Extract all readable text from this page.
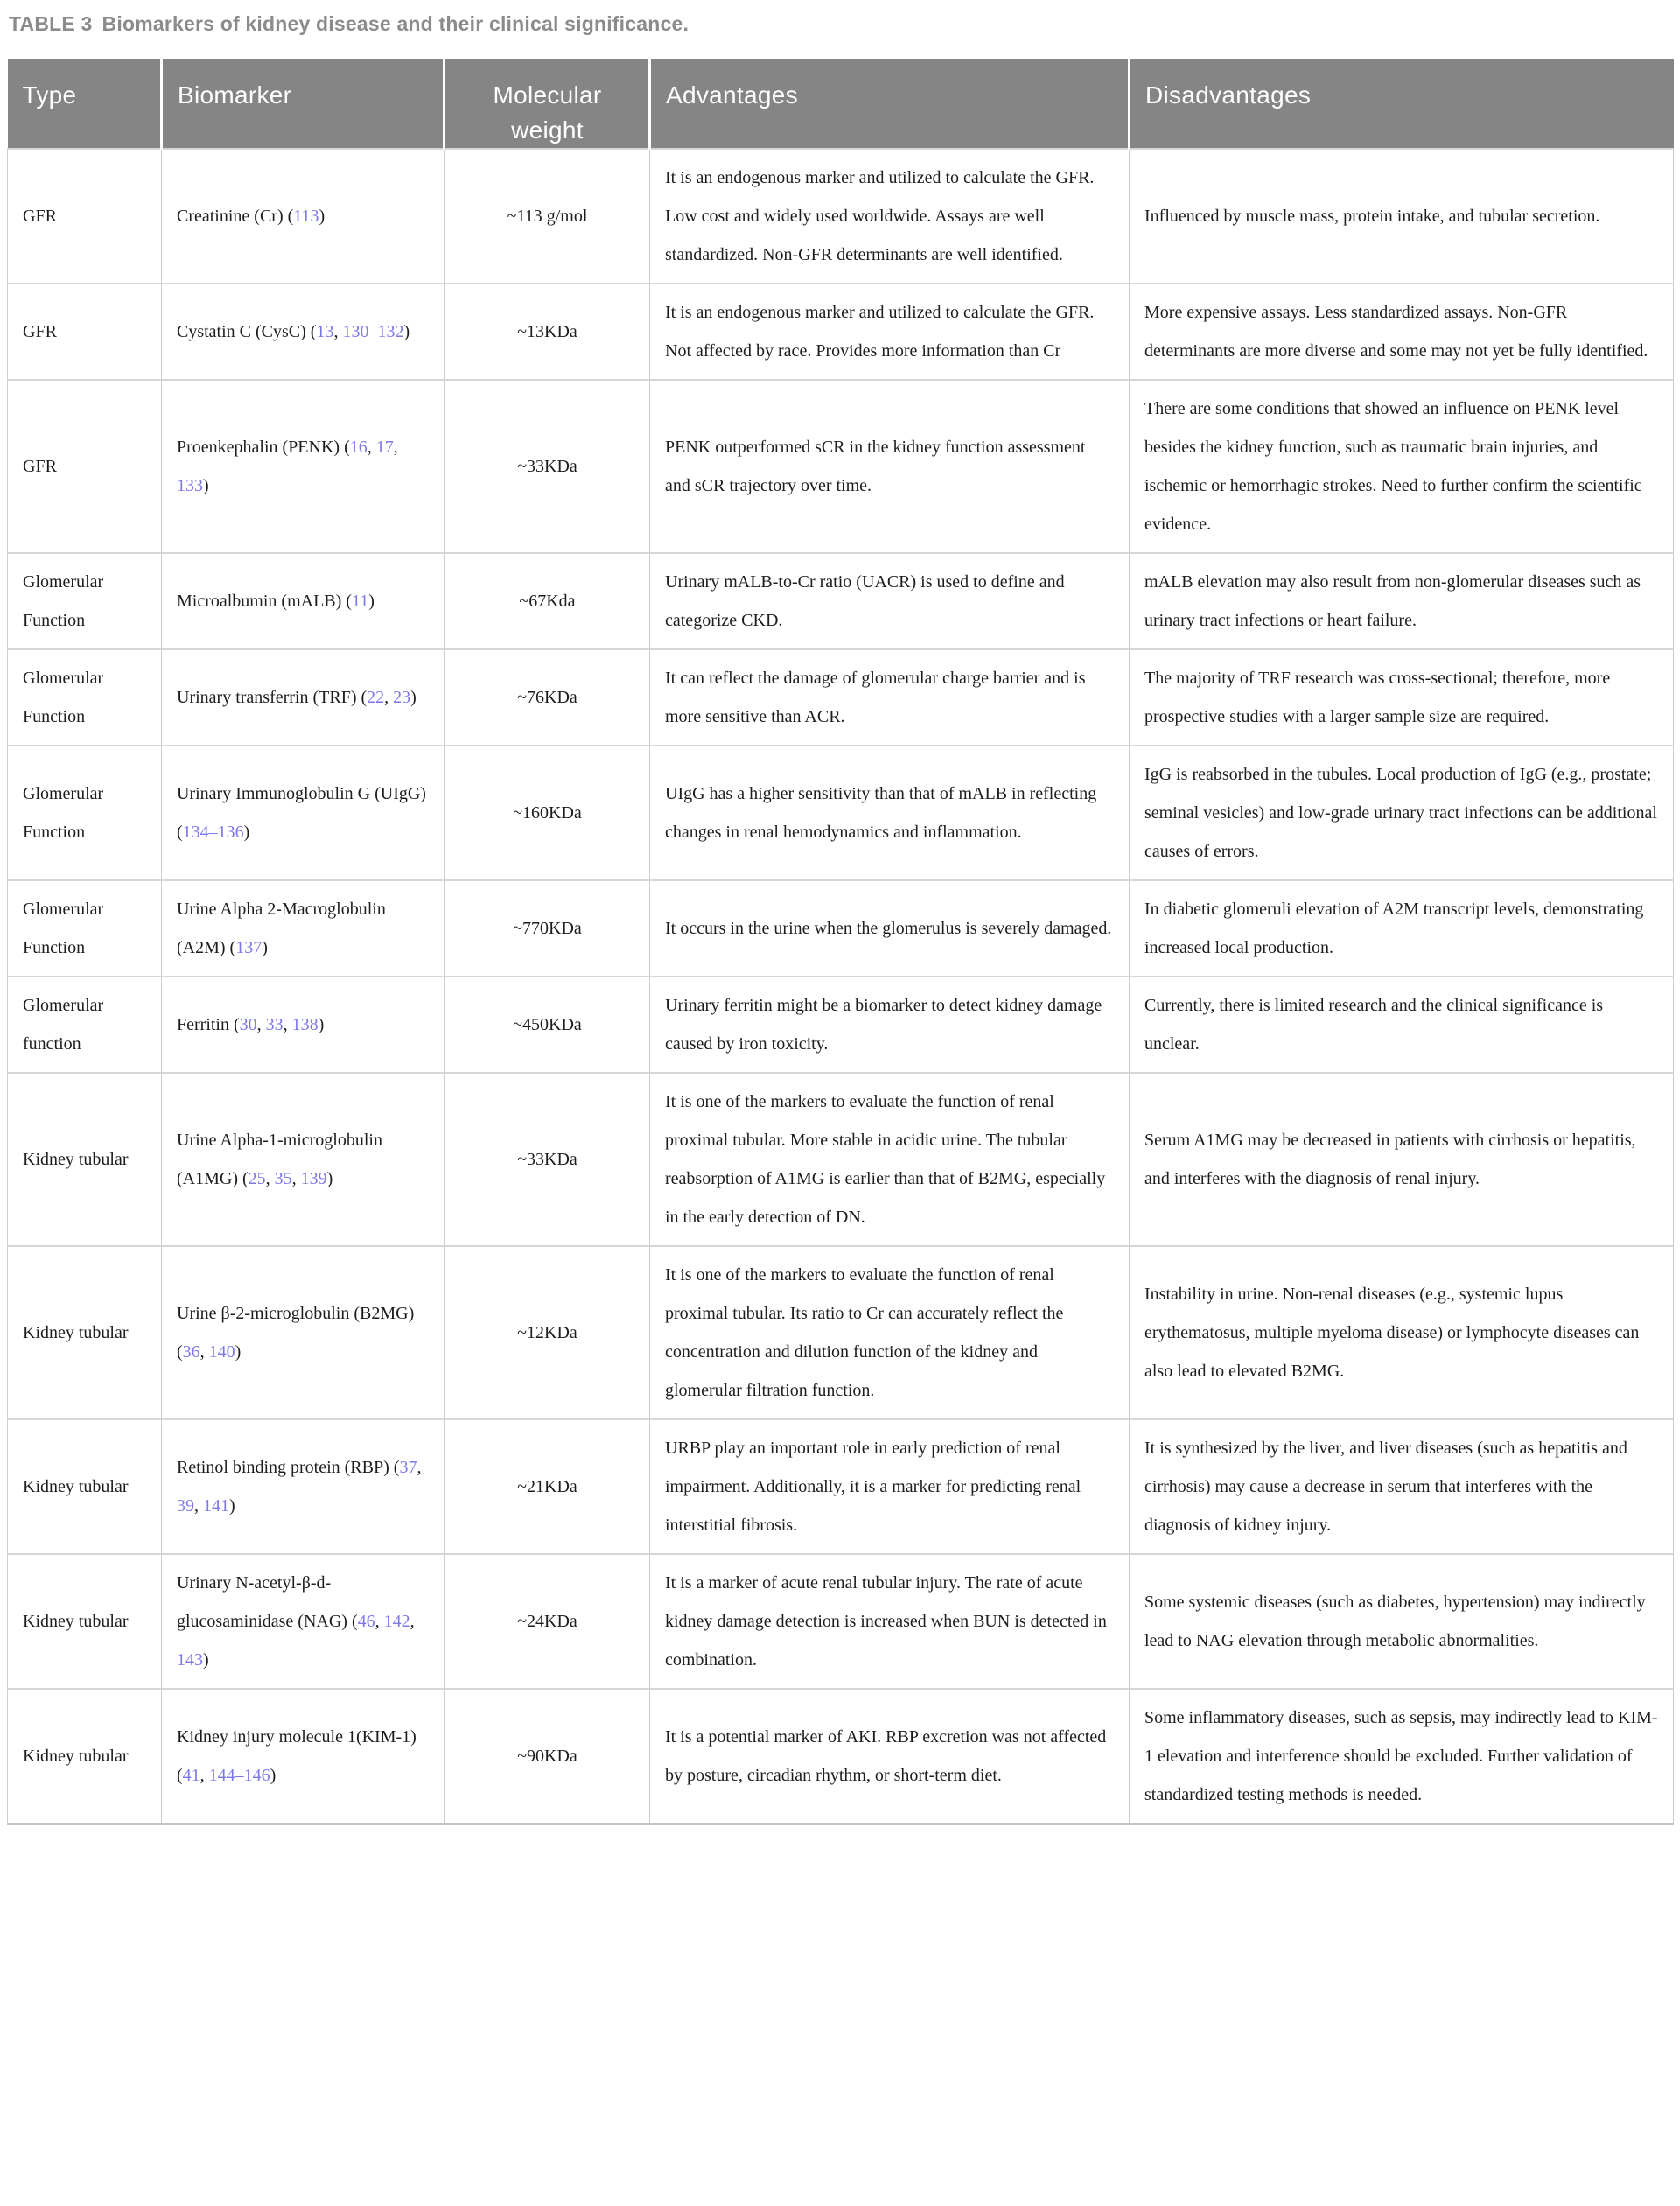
TABLE 3 Biomarkers of kidney disease and their clinical significance.
Type	Biomarker	Molecular weight	Advantages	Disadvantages
GFR	Creatinine (Cr) (113)	~113 g/mol	It is an endogenous marker and utilized to calculate the GFR. Low cost and widely used worldwide. Assays are well standardized. Non-GFR determinants are well identified.	Influenced by muscle mass, protein intake, and tubular secretion.
GFR	Cystatin C (CysC) (13, 130–132)	~13KDa	It is an endogenous marker and utilized to calculate the GFR. Not affected by race. Provides more information than Cr	More expensive assays. Less standardized assays. Non-GFR determinants are more diverse and some may not yet be fully identified.
GFR	Proenkephalin (PENK) (16, 17, 133)	~33KDa	PENK outperformed sCR in the kidney function assessment and sCR trajectory over time.	There are some conditions that showed an influence on PENK level besides the kidney function, such as traumatic brain injuries, and ischemic or hemorrhagic strokes. Need to further confirm the scientific evidence.
Glomerular Function	Microalbumin (mALB) (11)	~67Kda	Urinary mALB-to-Cr ratio (UACR) is used to define and categorize CKD.	mALB elevation may also result from non-glomerular diseases such as urinary tract infections or heart failure.
Glomerular Function	Urinary transferrin (TRF) (22, 23)	~76KDa	It can reflect the damage of glomerular charge barrier and is more sensitive than ACR.	The majority of TRF research was cross-sectional; therefore, more prospective studies with a larger sample size are required.
Glomerular Function	Urinary Immunoglobulin G (UIgG) (134–136)	~160KDa	UIgG has a higher sensitivity than that of mALB in reflecting changes in renal hemodynamics and inflammation.	IgG is reabsorbed in the tubules. Local production of IgG (e.g., prostate; seminal vesicles) and low-grade urinary tract infections can be additional causes of errors.
Glomerular Function	Urine Alpha 2-Macroglobulin (A2M) (137)	~770KDa	It occurs in the urine when the glomerulus is severely damaged.	In diabetic glomeruli elevation of A2M transcript levels, demonstrating increased local production.
Glomerular function	Ferritin (30, 33, 138)	~450KDa	Urinary ferritin might be a biomarker to detect kidney damage caused by iron toxicity.	Currently, there is limited research and the clinical significance is unclear.
Kidney tubular	Urine Alpha-1-microglobulin (A1MG) (25, 35, 139)	~33KDa	It is one of the markers to evaluate the function of renal proximal tubular. More stable in acidic urine. The tubular reabsorption of A1MG is earlier than that of B2MG, especially in the early detection of DN.	Serum A1MG may be decreased in patients with cirrhosis or hepatitis, and interferes with the diagnosis of renal injury.
Kidney tubular	Urine β-2-microglobulin (B2MG) (36, 140)	~12KDa	It is one of the markers to evaluate the function of renal proximal tubular. Its ratio to Cr can accurately reflect the concentration and dilution function of the kidney and glomerular filtration function.	Instability in urine. Non-renal diseases (e.g., systemic lupus erythematosus, multiple myeloma disease) or lymphocyte diseases can also lead to elevated B2MG.
Kidney tubular	Retinol binding protein (RBP) (37, 39, 141)	~21KDa	URBP play an important role in early prediction of renal impairment. Additionally, it is a marker for predicting renal interstitial fibrosis.	It is synthesized by the liver, and liver diseases (such as hepatitis and cirrhosis) may cause a decrease in serum that interferes with the diagnosis of kidney injury.
Kidney tubular	Urinary N-acetyl-β-d-glucosaminidase (NAG) (46, 142, 143)	~24KDa	It is a marker of acute renal tubular injury. The rate of acute kidney damage detection is increased when BUN is detected in combination.	Some systemic diseases (such as diabetes, hypertension) may indirectly lead to NAG elevation through metabolic abnormalities.
Kidney tubular	Kidney injury molecule 1(KIM-1) (41, 144–146)	~90KDa	It is a potential marker of AKI. RBP excretion was not affected by posture, circadian rhythm, or short-term diet.	Some inflammatory diseases, such as sepsis, may indirectly lead to KIM-1 elevation and interference should be excluded. Further validation of standardized testing methods is needed.
